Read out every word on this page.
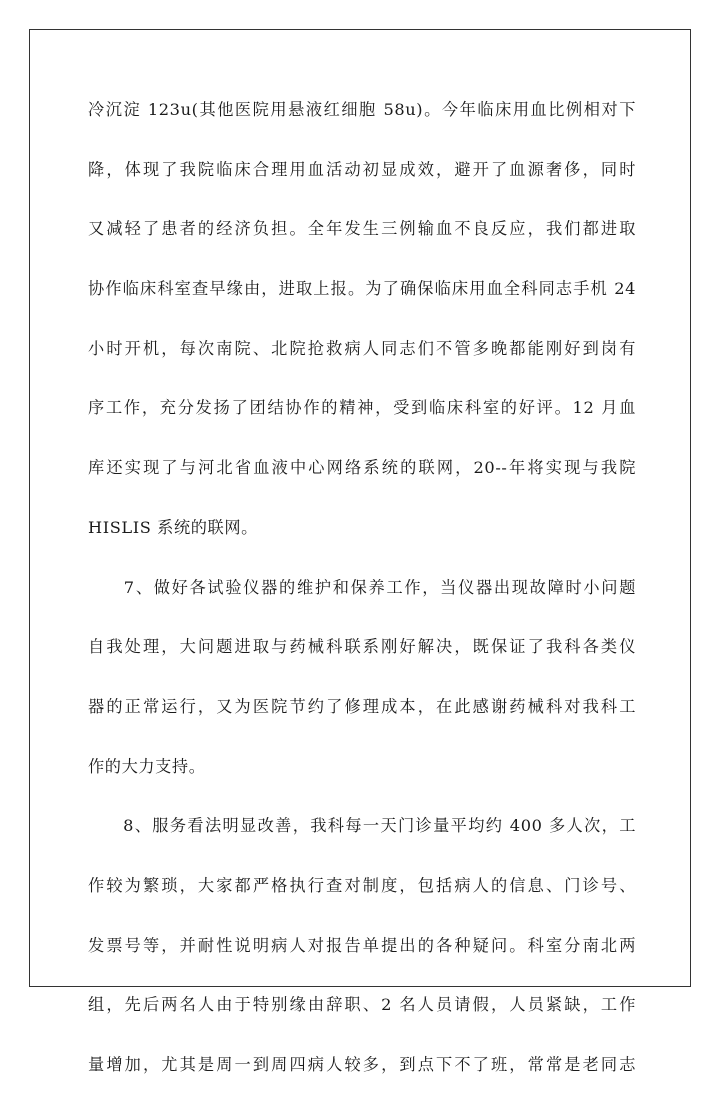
冷沉淀 123u(其他医院用悬液红细胞 58u)。今年临床用血比例相对下
降，体现了我院临床合理用血活动初显成效，避开了血源奢侈，同时
又减轻了患者的经济负担。全年发生三例输血不良反应，我们都进取
协作临床科室查早缘由，进取上报。为了确保临床用血全科同志手机 24
小时开机，每次南院、北院抢救病人同志们不管多晚都能刚好到岗有
序工作，充分发扬了团结协作的精神，受到临床科室的好评。12 月血
库还实现了与河北省血液中心网络系统的联网，20--年将实现与我院
HISLIS 系统的联网。
　　7、做好各试验仪器的维护和保养工作，当仪器出现故障时小问题
自我处理，大问题进取与药械科联系刚好解决，既保证了我科各类仪
器的正常运行，又为医院节约了修理成本，在此感谢药械科对我科工
作的大力支持。
　　8、服务看法明显改善，我科每一天门诊量平均约 400 多人次，工
作较为繁琐，大家都严格执行查对制度，包括病人的信息、门诊号、
发票号等，并耐性说明病人对报告单提出的各种疑问。科室分南北两
组，先后两名人由于特别缘由辞职、2 名人员请假，人员紧缺，工作
量增加，尤其是周一到周四病人较多，到点下不了班，常常是老同志
